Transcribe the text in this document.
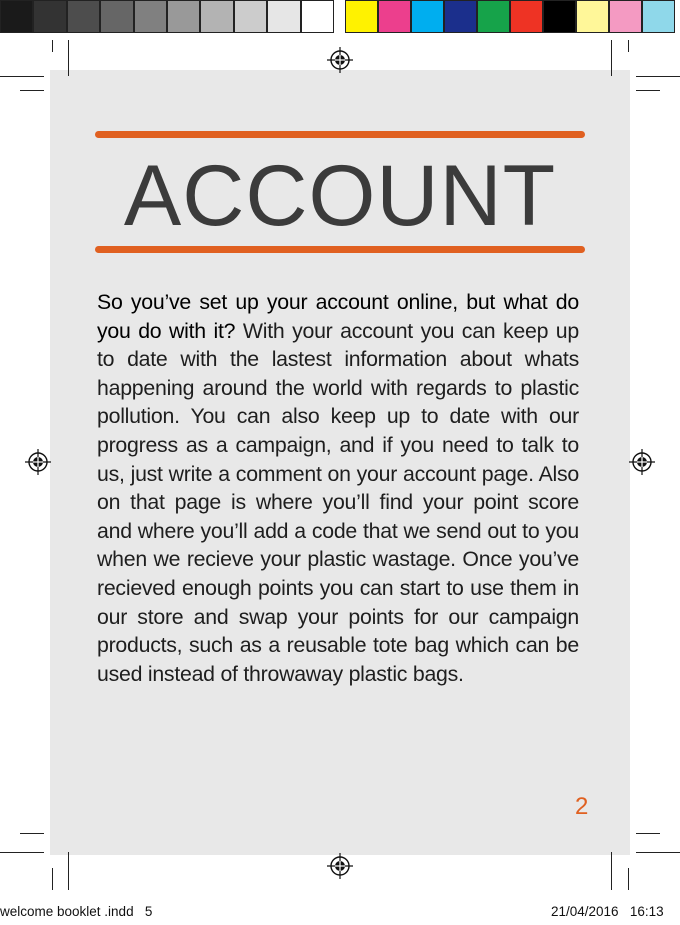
ACCOUNT
So you’ve set up your account online, but what do you do with it? With your account you can keep up to date with the lastest information about whats happening around the world with regards to plastic pollution. You can also keep up to date with our progress as a campaign, and if you need to talk to us, just write a comment on your account page. Also on that page is where you’ll find your point score and where you’ll add a code that we send out to you when we recieve your plastic wastage. Once you’ve recieved enough points you can start to use them in our store and swap your points for our campaign products, such as a reusable tote bag which can be used instead of throwaway plastic bags.
2
welcome booklet .indd   5	21/04/2016   16:13
